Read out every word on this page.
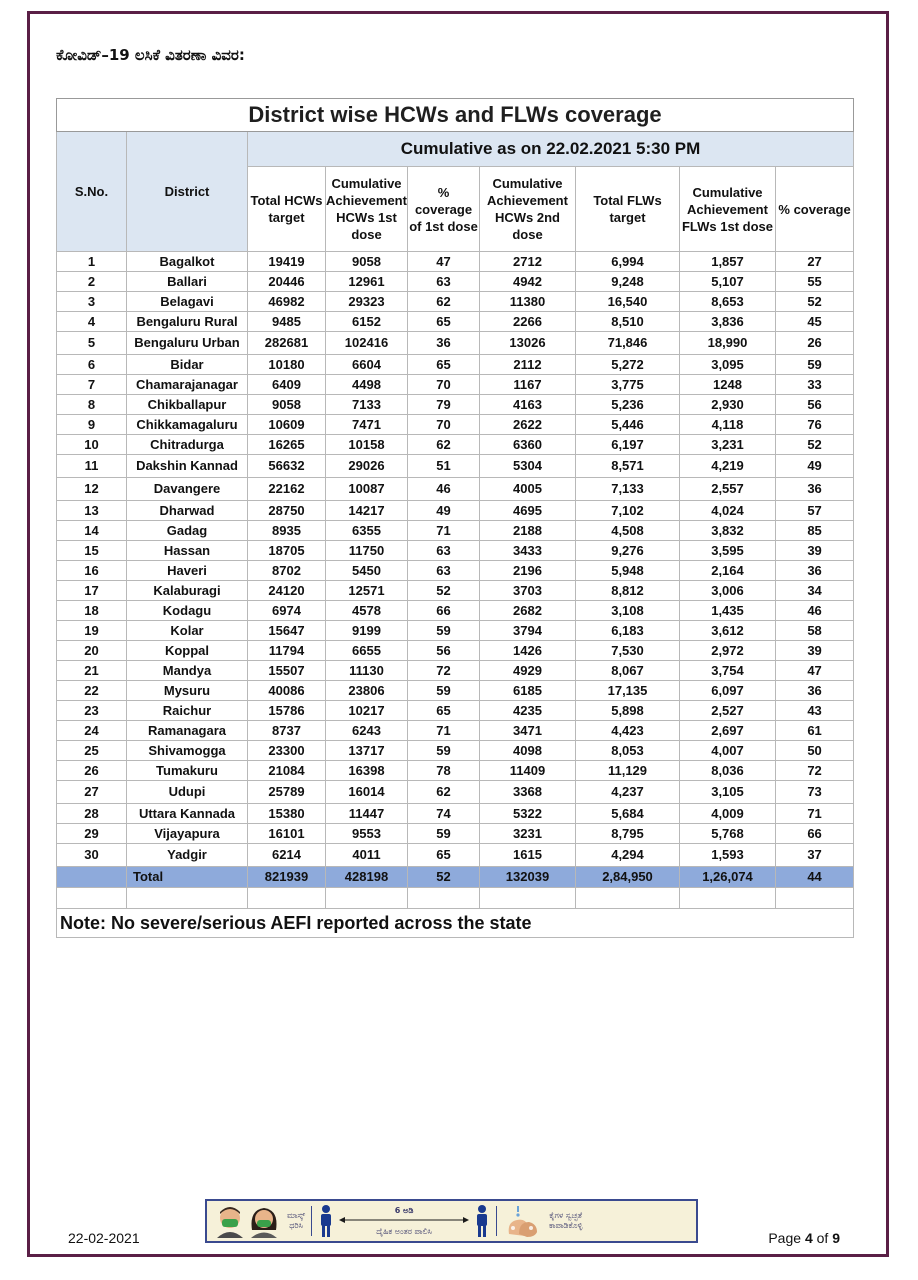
ಕೋವಿಡ್–19 ಲಸಿಕೆ ವಿತರಣಾ ವಿವರ:
District wise HCWs and FLWs coverage								
S.No.	District	Cumulative as on 22.02.2021 5:30 PM						
		Total HCWs target	Cumulative Achievement HCWs 1st dose	% coverage of 1st dose	Cumulative Achievement HCWs 2nd dose	Total FLWs target	Cumulative Achievement FLWs 1st dose	% coverage
1	Bagalkot	19419	9058	47	2712	6,994	1,857	27
2	Ballari	20446	12961	63	4942	9,248	5,107	55
3	Belagavi	46982	29323	62	11380	16,540	8,653	52
4	Bengaluru Rural	9485	6152	65	2266	8,510	3,836	45
5	Bengaluru Urban	282681	102416	36	13026	71,846	18,990	26
6	Bidar	10180	6604	65	2112	5,272	3,095	59
7	Chamarajanagar	6409	4498	70	1167	3,775	1248	33
8	Chikballapur	9058	7133	79	4163	5,236	2,930	56
9	Chikkamagaluru	10609	7471	70	2622	5,446	4,118	76
10	Chitradurga	16265	10158	62	6360	6,197	3,231	52
11	Dakshin Kannad	56632	29026	51	5304	8,571	4,219	49
12	Davangere	22162	10087	46	4005	7,133	2,557	36
13	Dharwad	28750	14217	49	4695	7,102	4,024	57
14	Gadag	8935	6355	71	2188	4,508	3,832	85
15	Hassan	18705	11750	63	3433	9,276	3,595	39
16	Haveri	8702	5450	63	2196	5,948	2,164	36
17	Kalaburagi	24120	12571	52	3703	8,812	3,006	34
18	Kodagu	6974	4578	66	2682	3,108	1,435	46
19	Kolar	15647	9199	59	3794	6,183	3,612	58
20	Koppal	11794	6655	56	1426	7,530	2,972	39
21	Mandya	15507	11130	72	4929	8,067	3,754	47
22	Mysuru	40086	23806	59	6185	17,135	6,097	36
23	Raichur	15786	10217	65	4235	5,898	2,527	43
24	Ramanagara	8737	6243	71	3471	4,423	2,697	61
25	Shivamogga	23300	13717	59	4098	8,053	4,007	50
26	Tumakuru	21084	16398	78	11409	11,129	8,036	72
27	Udupi	25789	16014	62	3368	4,237	3,105	73
28	Uttara Kannada	15380	11447	74	5322	5,684	4,009	71
29	Vijayapura	16101	9553	59	3231	8,795	5,768	66
30	Yadgir	6214	4011	65	1615	4,294	1,593	37
	Total	821939	428198	52	132039	2,84,950	1,26,074	44

Note: No severe/serious AEFI reported across the state								
ಮಾಸ್ಕ್
ಧರಿಸಿ
6 ಅಡಿ
ದೈಹಿಕ ಅಂತರ ಪಾಲಿಸಿ
ಕೈಗಳ ಸ್ವಚ್ಛತೆ
ಕಾಪಾಡಿಕೊಳ್ಳಿ
22-02-2021	Page 4 of 9
